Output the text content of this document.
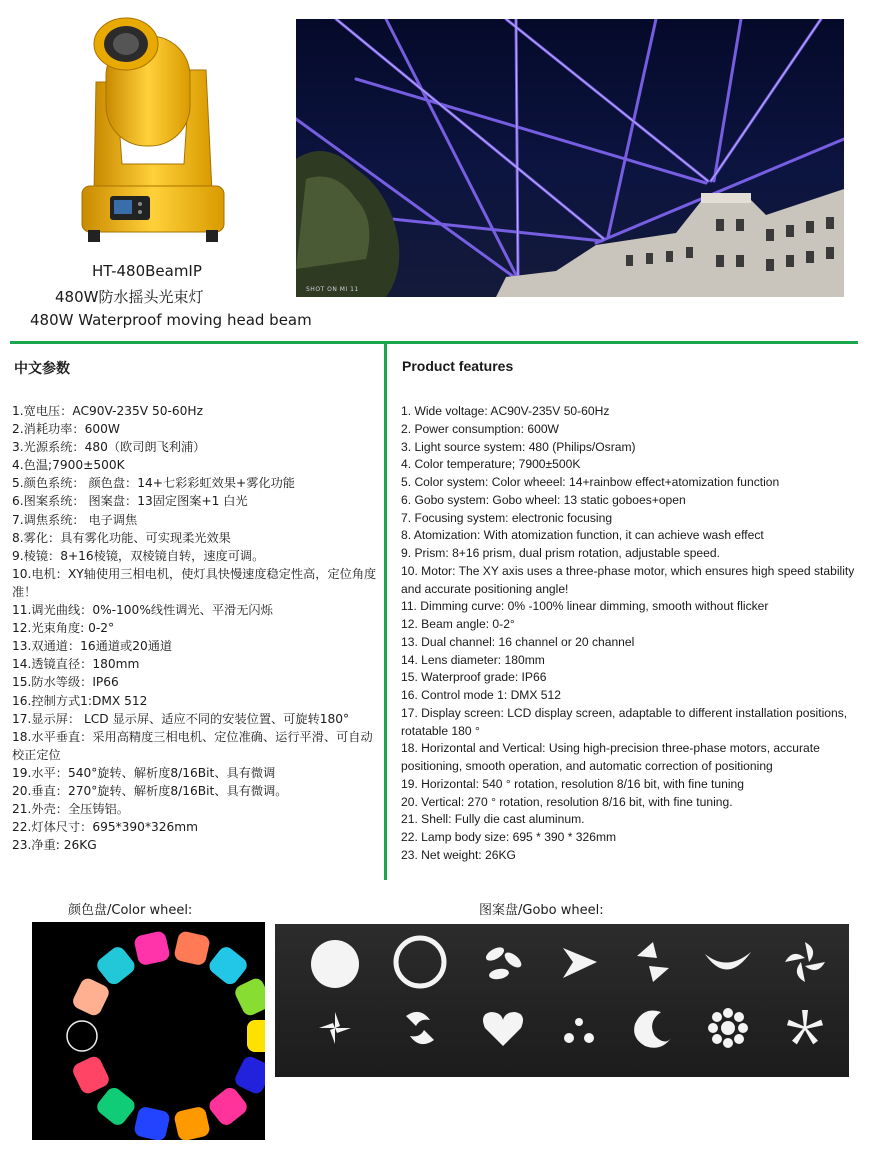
HT-480BeamIP
480W防水摇头光束灯
480W Waterproof moving head beam
SHOT ON MI 11
中文参数	Product features
1.宽电压：AC90V-235V 50-60Hz
2.消耗功率：600W
3.光源系统：480（欧司朗飞利浦）
4.色温;7900±500K
5.颜色系统： 颜色盘：14+七彩彩虹效果+雾化功能
6.图案系统： 图案盘：13固定图案+1 白光
7.调焦系统： 电子调焦
8.雾化：具有雾化功能、可实现柔光效果
9.棱镜：8+16棱镜，双棱镜自转，速度可调。
10.电机：XY轴使用三相电机，使灯具快慢速度稳定性高，定位角度准！
11.调光曲线：0%-100%线性调光、平滑无闪烁
12.光束角度: 0-2°
13.双通道：16通道或20通道
14.透镜直径：180mm
15.防水等级：IP66
16.控制方式1:DMX 512
17.显示屏： LCD 显示屏、适应不同的安装位置、可旋转180°
18.水平垂直：采用高精度三相电机、定位准确、运行平滑、可自动校正定位
19.水平：540°旋转、解析度8/16Bit、具有微调
20.垂直：270°旋转、解析度8/16Bit、具有微调。
21.外壳：全压铸铝。
22.灯体尺寸：695*390*326mm
23.净重: 26KG
1. Wide voltage: AC90V-235V 50-60Hz
2. Power consumption: 600W
3. Light source system: 480 (Philips/Osram)
4. Color temperature; 7900±500K
5. Color system: Color wheeel: 14+rainbow effect+atomization function
6. Gobo system: Gobo wheel: 13 static goboes+open
7. Focusing system: electronic focusing
8. Atomization: With atomization function, it can achieve wash effect
9. Prism: 8+16 prism, dual prism rotation, adjustable speed.
10. Motor: The XY axis uses a three-phase motor, which ensures high speed stability and accurate positioning angle!
11. Dimming curve: 0% -100% linear dimming, smooth without flicker
12. Beam angle: 0-2°
13. Dual channel: 16 channel or 20 channel
14. Lens diameter: 180mm
15. Waterproof grade: IP66
16. Control mode 1: DMX 512
17. Display screen: LCD display screen, adaptable to different installation positions, rotatable 180 °
18. Horizontal and Vertical: Using high-precision three-phase motors, accurate positioning, smooth operation, and automatic correction of positioning
19. Horizontal: 540 ° rotation, resolution 8/16 bit, with fine tuning
20. Vertical: 270 ° rotation, resolution 8/16 bit, with fine tuning.
21. Shell: Fully die cast aluminum.
22. Lamp body size: 695 * 390 * 326mm
23. Net weight: 26KG
颜色盘/Color wheel:	图案盘/Gobo wheel:
